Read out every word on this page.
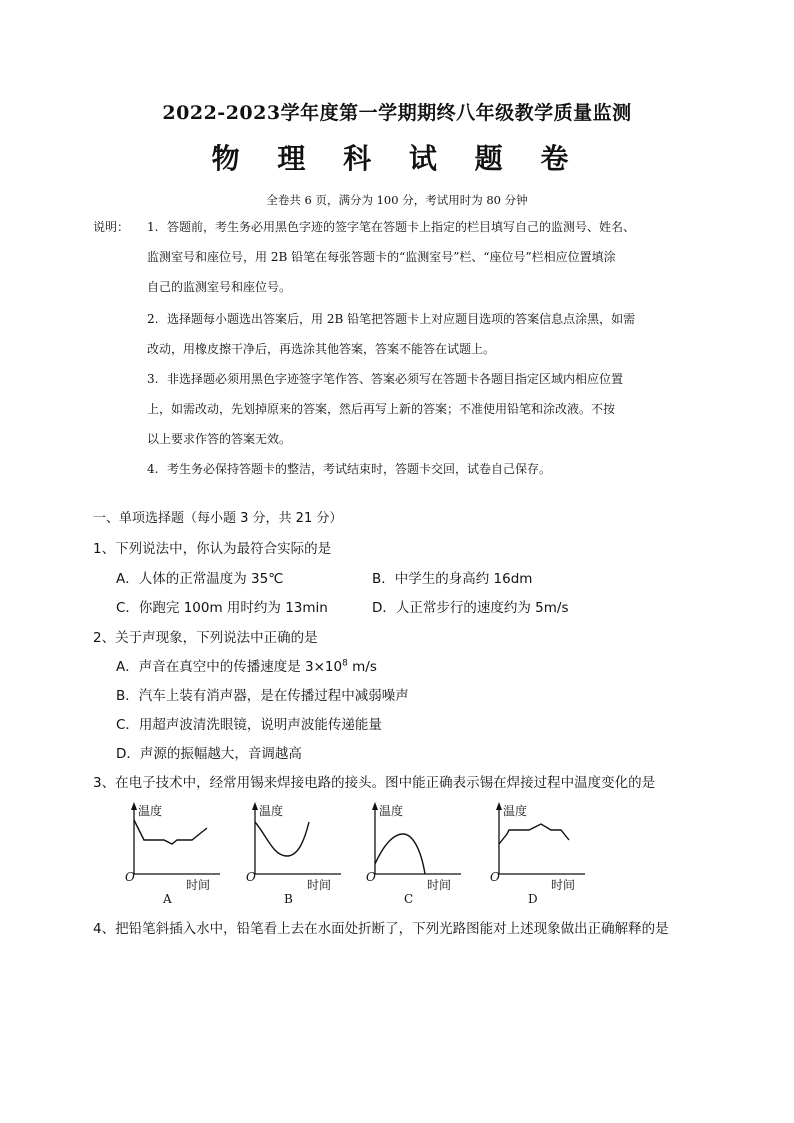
2022-2023学年度第一学期期终八年级教学质量监测
物 理 科 试 题 卷
全卷共 6 页，满分为 100 分，考试用时为 80 分钟
说明：	1. 答题前，考生务必用黑色字迹的签字笔在答题卡上指定的栏目填写自己的监测号、姓名、
监测室号和座位号，用 2B 铅笔在每张答题卡的“监测室号”栏、“座位号”栏相应位置填涂
自己的监测室号和座位号。
2. 选择题每小题选出答案后，用 2B 铅笔把答题卡上对应题目选项的答案信息点涂黑，如需
改动，用橡皮擦干净后，再选涂其他答案，答案不能答在试题上。
3. 非选择题必须用黑色字迹签字笔作答、答案必须写在答题卡各题目指定区域内相应位置
上，如需改动，先划掉原来的答案，然后再写上新的答案；不准使用铅笔和涂改液。不按
以上要求作答的答案无效。
4. 考生务必保持答题卡的整洁，考试结束时，答题卡交回，试卷自己保存。
一、单项选择题（每小题 3 分，共 21 分）
1、下列说法中，你认为最符合实际的是
A．人体的正常温度为 35℃	B．中学生的身高约 16dm
C．你跑完 100m 用时约为 13min	D．人正常步行的速度约为 5m/s
2、关于声现象，下列说法中正确的是
A．声音在真空中的传播速度是 $3\times 10^8$ m/s
B．汽车上装有消声器，是在传播过程中减弱噪声
C．用超声波清洗眼镜，说明声波能传递能量
D．声源的振幅越大，音调越高
3、在电子技术中，经常用锡来焊接电路的接头。图中能正确表示锡在焊接过程中温度变化的是
温度
O
时间
A
温度
O
时间
B
温度
O
时间
C
温度
O
时间
D
4、把铅笔斜插入水中，铅笔看上去在水面处折断了，下列光路图能对上述现象做出正确解释的是
